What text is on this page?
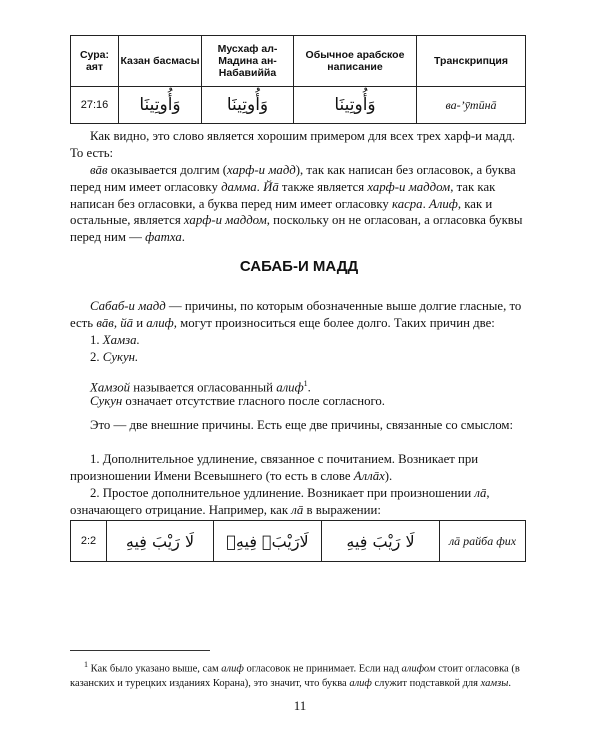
Сура: аят	Казан басмасы	Мусхаф ал-Мадина ан-Набавиййа	Обычное арабское написание	Транскрипция
27:16	وَأُوتِينَا	وَأُوتِينَا	وَأُوتِينَا	ва-’ӯтӣнā

Как видно, это слово является хорошим примером для всех трех харф-и мадд. То есть:

вāв оказывается долгим (харф-и мадд), так как написан без огласовок, а буква перед ним имеет огласовку дамма. Йā также является харф-и маддом, так как написан без огласовки, а буква перед ним имеет огласовку касра. Алиф, как и остальные, является харф-и маддом, поскольку он не огласован, а огласовка буквы перед ним — фатха.

САБАБ-И МАДД

Сабаб-и мадд — причины, по которым обозначенные выше долгие гласные, то есть вāв, йā и алиф, могут произноситься еще более долго. Таких причин две:

1. Хамза.

2. Сукун.

Хамзой называется огласованный алиф$^1$.

Сукун означает отсутствие гласного после согласного.

Это — две внешние причины. Есть еще две причины, связанные со смыслом:

1. Дополнительное удлинение, связанное с почитанием. Возникает при произношении Имени Всевышнего (то есть в слове Аллāх).

2. Простое дополнительное удлинение. Возникает при произношении лā, означающего отрицание. Например, как лā в выражении:

2:2	لَا رَيْبَ فِيهِ	لَارَيْبَۛ فِيهِۛ	لَا رَيْبَ فِيهِ	лā райба фих

$^1$ Как было указано выше, сам алиф огласовок не принимает. Если над алифом стоит огласовка (в казанских и турецких изданиях Корана), это значит, что буква алиф служит подставкой для хамзы.

11
